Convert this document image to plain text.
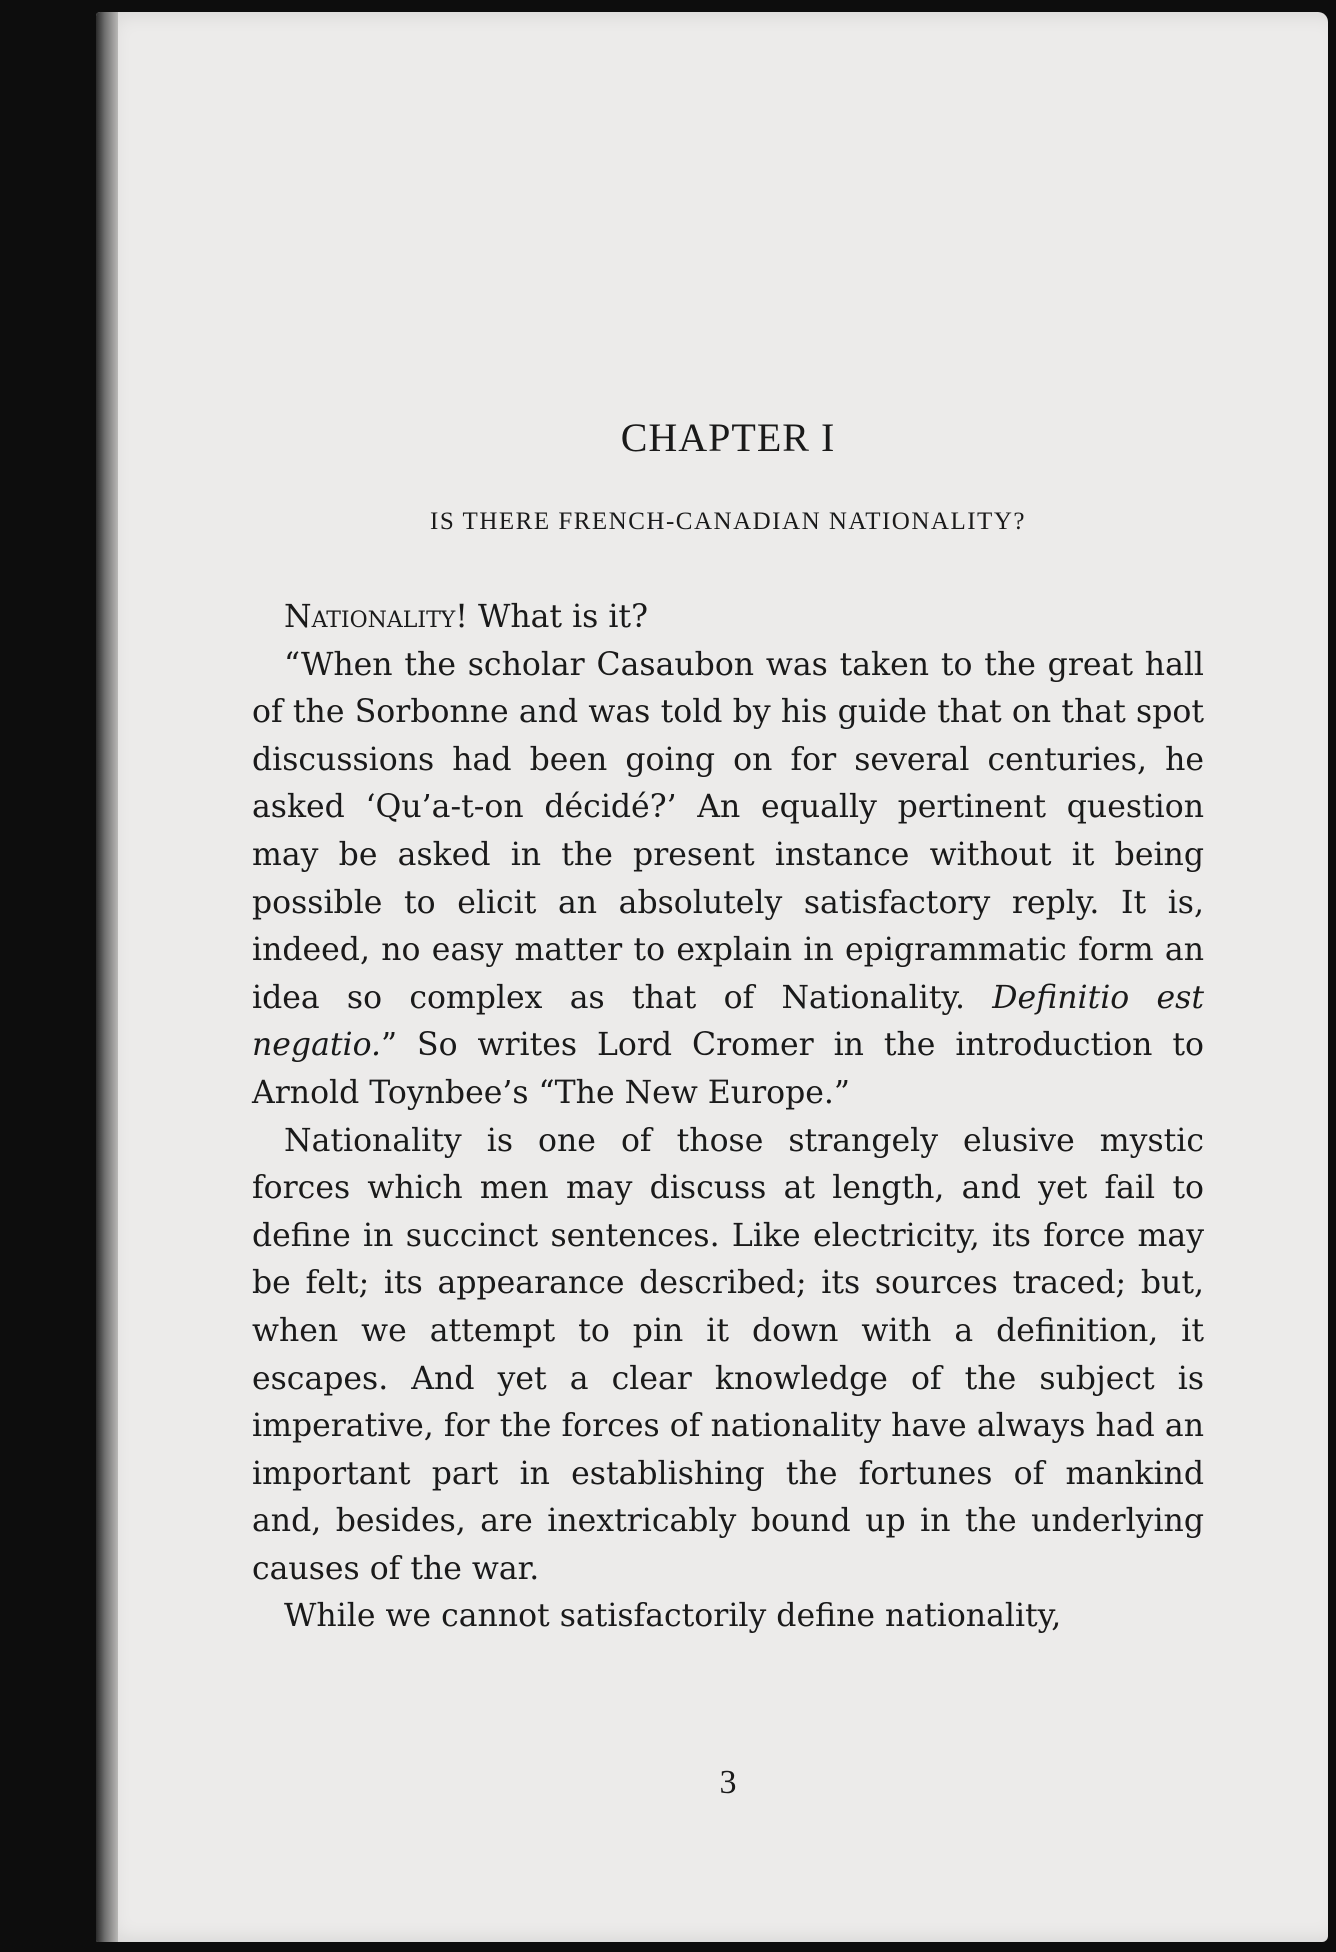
CHAPTER I
IS THERE FRENCH-CANADIAN NATIONALITY?

Nationality! What is it?

“When the scholar Casaubon was taken to the great hall of the Sorbonne and was told by his guide that on that spot discussions had been going on for several centuries, he asked ‘Qu’a-t-on décidé?’ An equally pertinent question may be asked in the present instance without it being possible to elicit an absolutely satisfactory reply. It is, indeed, no easy matter to explain in epigrammatic form an idea so complex as that of Nationality. Definitio est negatio.” So writes Lord Cromer in the introduction to Arnold Toynbee’s “The New Europe.”

Nationality is one of those strangely elusive mystic forces which men may discuss at length, and yet fail to define in succinct sentences. Like electricity, its force may be felt; its appearance described; its sources traced; but, when we attempt to pin it down with a definition, it escapes. And yet a clear knowledge of the subject is imperative, for the forces of nationality have always had an important part in establishing the fortunes of mankind and, besides, are inextricably bound up in the underlying causes of the war.

While we cannot satisfactorily define nationality,

3
